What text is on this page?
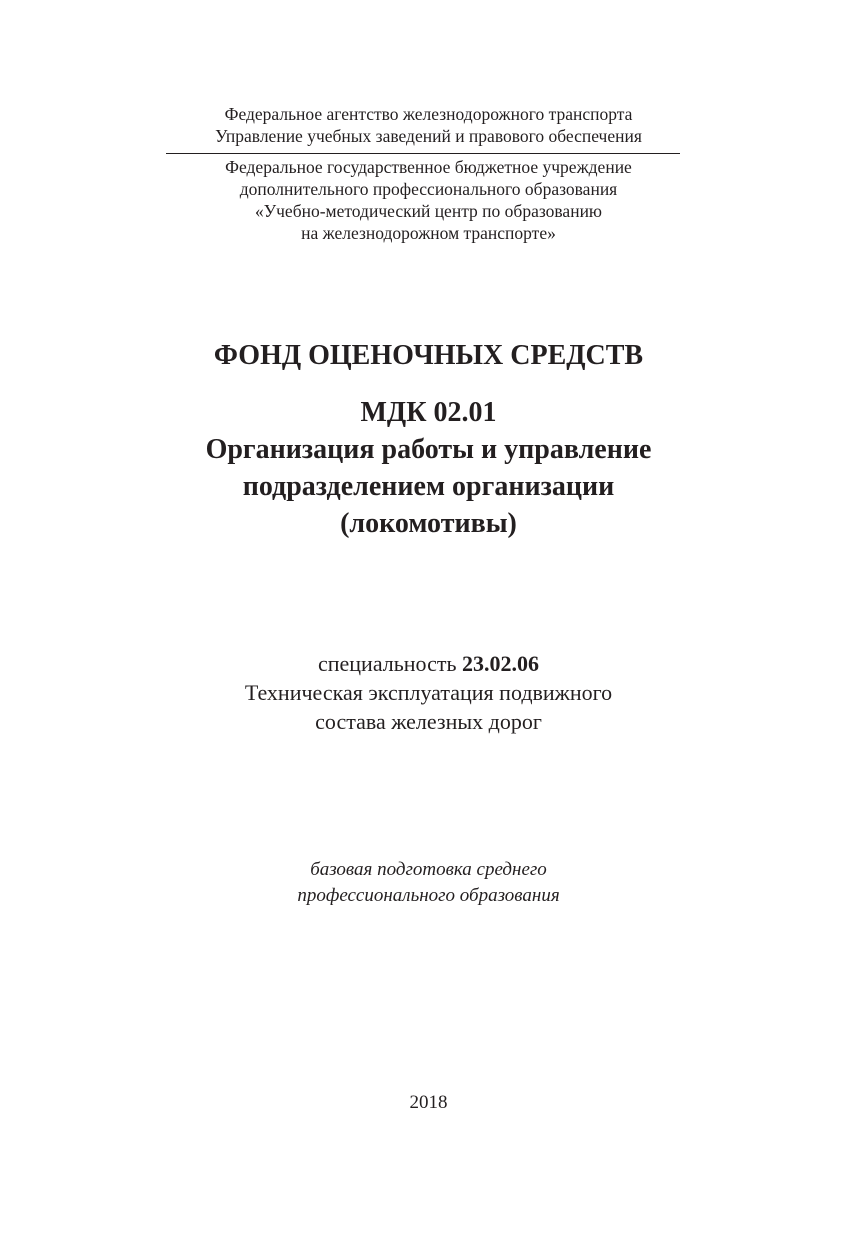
Федеральное агентство железнодорожного транспорта
Управление учебных заведений и правового обеспечения
Федеральное государственное бюджетное учреждение
дополнительного профессионального образования
«Учебно-методический центр по образованию
на железнодорожном транспорте»
ФОНД ОЦЕНОЧНЫХ СРЕДСТВ
МДК 02.01
Организация работы и управление
подразделением организации
(локомотивы)
специальность 23.02.06
Техническая эксплуатация подвижного
состава железных дорог
базовая подготовка среднего
профессионального образования
2018
